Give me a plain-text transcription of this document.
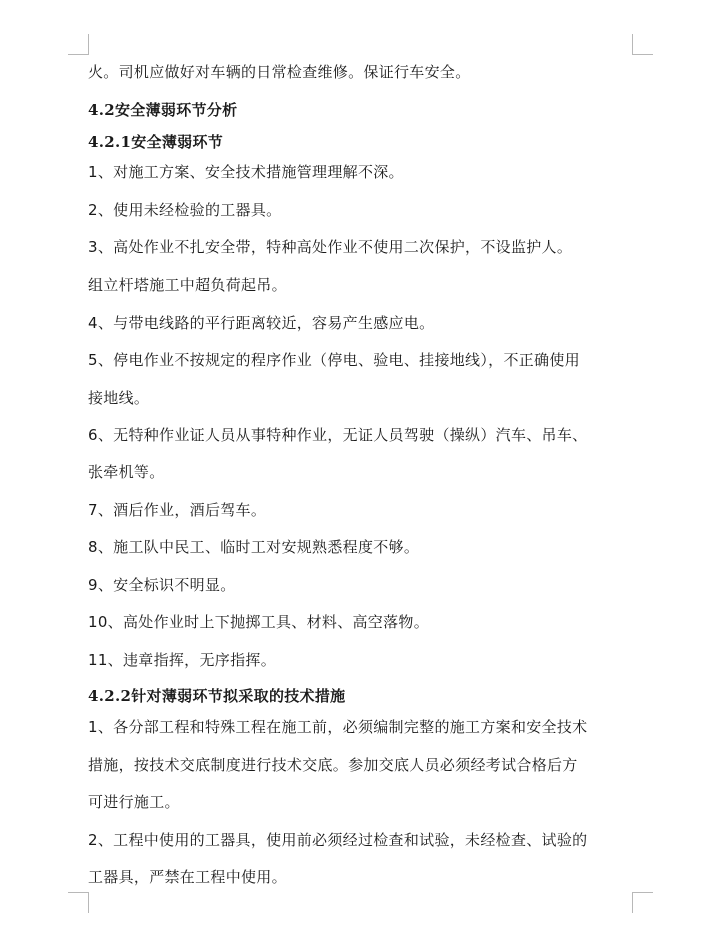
火。司机应做好对车辆的日常检查维修。保证行车安全。
4.2安全薄弱环节分析
4.2.1安全薄弱环节
1、对施工方案、安全技术措施管理理解不深。
2、使用未经检验的工器具。
3、高处作业不扎安全带，特种高处作业不使用二次保护，不设监护人。
组立杆塔施工中超负荷起吊。
4、与带电线路的平行距离较近，容易产生感应电。
5、停电作业不按规定的程序作业（停电、验电、挂接地线），不正确使用
接地线。
6、无特种作业证人员从事特种作业，无证人员驾驶（操纵）汽车、吊车、
张牵机等。
7、酒后作业，酒后驾车。
8、施工队中民工、临时工对安规熟悉程度不够。
9、安全标识不明显。
10、高处作业时上下抛掷工具、材料、高空落物。
11、违章指挥，无序指挥。
4.2.2针对薄弱环节拟采取的技术措施
1、各分部工程和特殊工程在施工前，必须编制完整的施工方案和安全技术
措施，按技术交底制度进行技术交底。参加交底人员必须经考试合格后方
可进行施工。
2、工程中使用的工器具，使用前必须经过检查和试验，未经检查、试验的
工器具，严禁在工程中使用。
